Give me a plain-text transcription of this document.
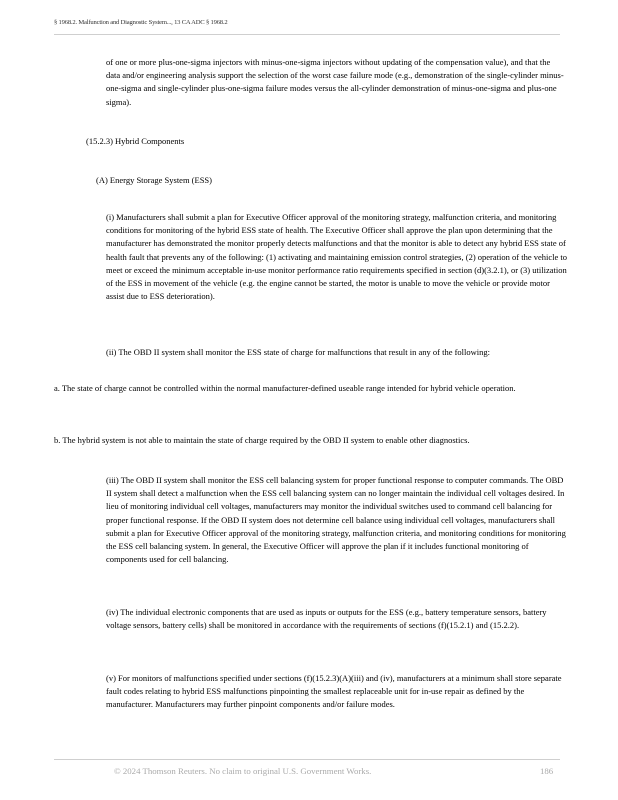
§ 1968.2. Malfunction and Diagnostic System..., 13 CA ADC § 1968.2

of one or more plus-one-sigma injectors with minus-one-sigma injectors without updating of the compensation value), and that the data and/or engineering analysis support the selection of the worst case failure mode (e.g., demonstration of the single-cylinder minus-one-sigma and single-cylinder plus-one-sigma failure modes versus the all-cylinder demonstration of minus-one-sigma and plus-one sigma).

(15.2.3) Hybrid Components

(A) Energy Storage System (ESS)

(i) Manufacturers shall submit a plan for Executive Officer approval of the monitoring strategy, malfunction criteria, and monitoring conditions for monitoring of the hybrid ESS state of health. The Executive Officer shall approve the plan upon determining that the manufacturer has demonstrated the monitor properly detects malfunctions and that the monitor is able to detect any hybrid ESS state of health fault that prevents any of the following: (1) activating and maintaining emission control strategies, (2) operation of the vehicle to meet or exceed the minimum acceptable in-use monitor performance ratio requirements specified in section (d)(3.2.1), or (3) utilization of the ESS in movement of the vehicle (e.g. the engine cannot be started, the motor is unable to move the vehicle or provide motor assist due to ESS deterioration).

(ii) The OBD II system shall monitor the ESS state of charge for malfunctions that result in any of the following:

a. The state of charge cannot be controlled within the normal manufacturer-defined useable range intended for hybrid vehicle operation.

b. The hybrid system is not able to maintain the state of charge required by the OBD II system to enable other diagnostics.

(iii) The OBD II system shall monitor the ESS cell balancing system for proper functional response to computer commands. The OBD II system shall detect a malfunction when the ESS cell balancing system can no longer maintain the individual cell voltages desired. In lieu of monitoring individual cell voltages, manufacturers may monitor the individual switches used to command cell balancing for proper functional response. If the OBD II system does not determine cell balance using individual cell voltages, manufacturers shall submit a plan for Executive Officer approval of the monitoring strategy, malfunction criteria, and monitoring conditions for monitoring the ESS cell balancing system. In general, the Executive Officer will approve the plan if it includes functional monitoring of components used for cell balancing.

(iv) The individual electronic components that are used as inputs or outputs for the ESS (e.g., battery temperature sensors, battery voltage sensors, battery cells) shall be monitored in accordance with the requirements of sections (f)(15.2.1) and (15.2.2).

(v) For monitors of malfunctions specified under sections (f)(15.2.3)(A)(iii) and (iv), manufacturers at a minimum shall store separate fault codes relating to hybrid ESS malfunctions pinpointing the smallest replaceable unit for in-use repair as defined by the manufacturer. Manufacturers may further pinpoint components and/or failure modes.

© 2024 Thomson Reuters. No claim to original U.S. Government Works.	186
